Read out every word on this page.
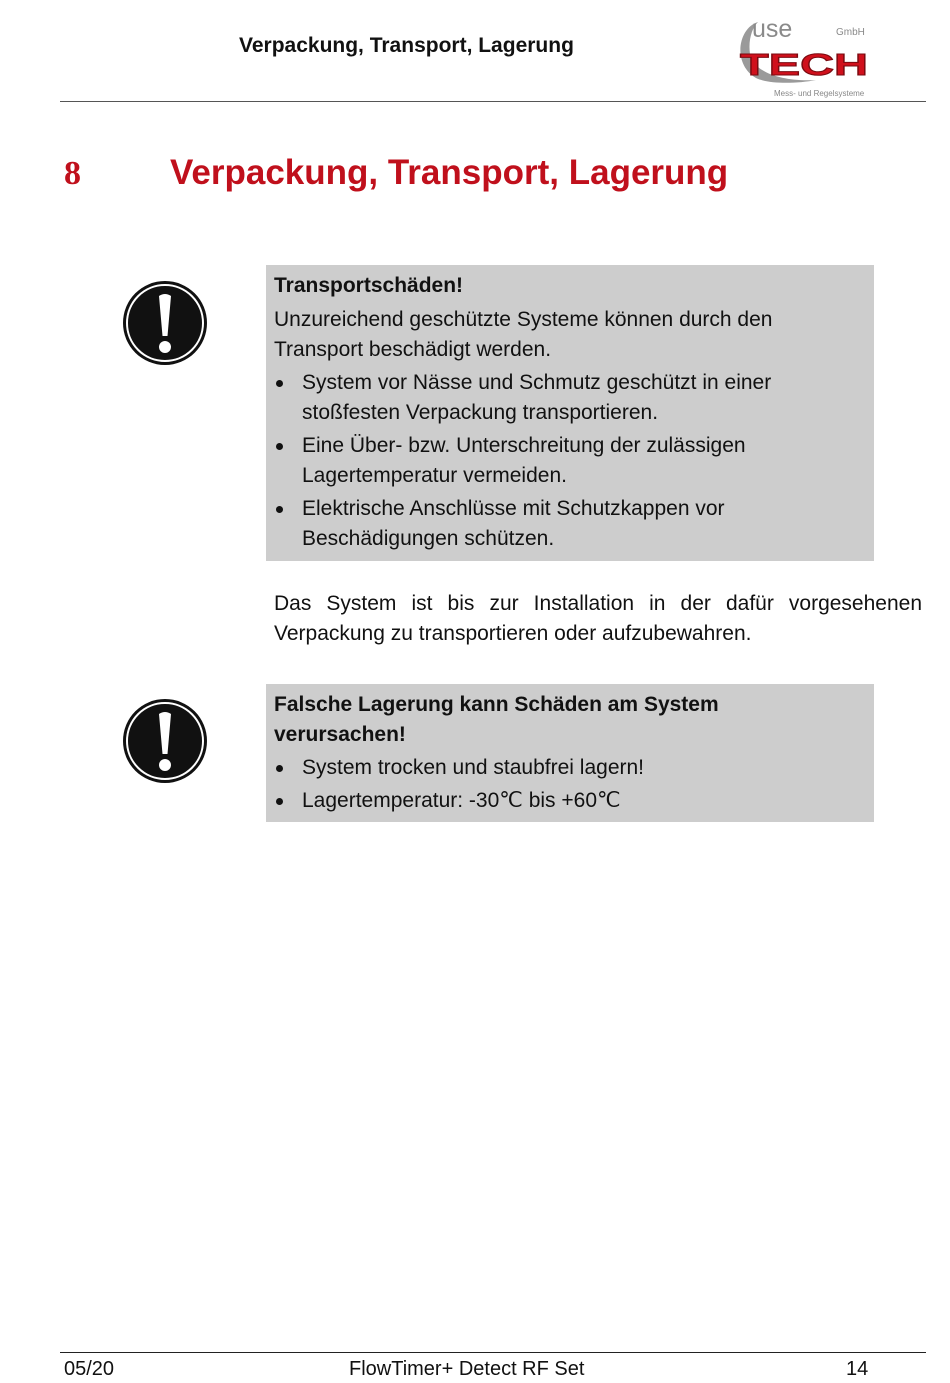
Verpackung, Transport, Lagerung
use	GmbH
TECH
Mess- und Regelsysteme
8	Verpackung, Transport, Lagerung
Transportschäden!
Unzureichend geschützte Systeme können durch den Transport beschädigt werden.
System vor Nässe und Schmutz geschützt in einer stoßfesten Verpackung transportieren.
Eine Über- bzw. Unterschreitung der zulässigen Lagertemperatur vermeiden.
Elektrische Anschlüsse mit Schutzkappen vor Beschädigungen schützen.
Das System ist bis zur Installation in der dafür vorgesehenen Verpackung zu transportieren oder aufzubewahren.
Falsche Lagerung kann Schäden am System verursachen!
System trocken und staubfrei lagern!
Lagertemperatur: -30℃ bis +60℃
05/20	FlowTimer+ Detect RF Set	14
